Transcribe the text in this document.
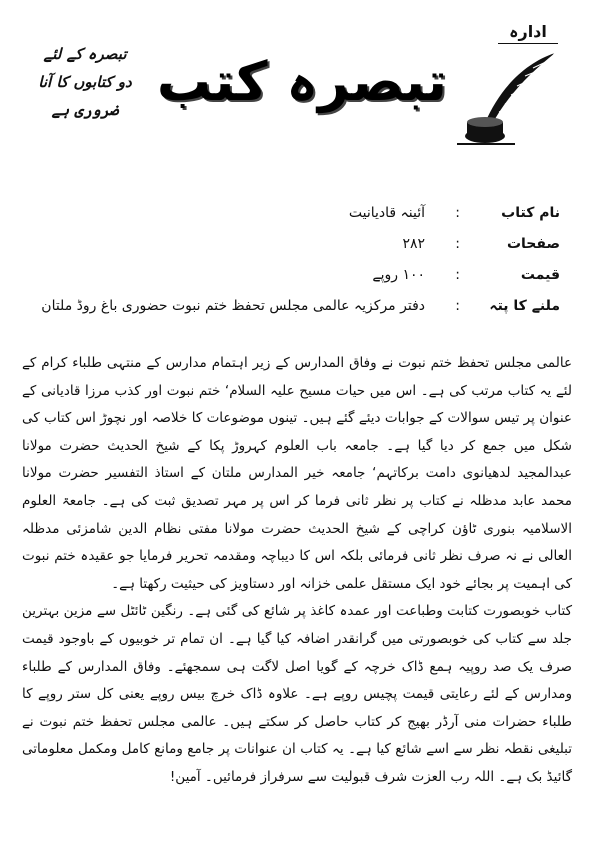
ادارہ
تبصرہ کے لئے
دو کتابوں کا آنا
ضروری ہے تبصرہ کتب
نام کتاب
:
آئینہ قادیانیت
صفحات
:
۲۸۲
قیمت
:
۱۰۰ روپے
ملنے کا پتہ
:
دفتر مرکزیہ عالمی مجلس تحفظ ختم نبوت حضوری باغ روڈ ملتان

عالمی مجلس تحفظ ختم نبوت نے وفاق المدارس کے زیر اہتمام مدارس کے منتہی طلباء کرام کے لئے یہ کتاب مرتب کی ہے۔ اس میں حیات مسیح علیہ السلام‘ ختم نبوت اور کذب مرزا قادیانی کے عنوان پر تیس سوالات کے جوابات دیئے گئے ہیں۔ تینوں موضوعات کا خلاصہ اور نچوڑ اس کتاب کی شکل میں جمع کر دیا گیا ہے۔ جامعہ باب العلوم کہروڑ پکا کے شیخ الحدیث حضرت مولانا عبدالمجید لدھیانوی دامت برکاتہم‘ جامعہ خیر المدارس ملتان کے استاذ التفسیر حضرت مولانا محمد عابد مدظلہ نے کتاب پر نظر ثانی فرما کر اس پر مہر تصدیق ثبت کی ہے۔ جامعۃ العلوم الاسلامیہ بنوری ٹاؤن کراچی کے شیخ الحدیث حضرت مولانا مفتی نظام الدین شامزئی مدظلہ العالی نے نہ صرف نظر ثانی فرمائی بلکہ اس کا دیباچہ ومقدمہ تحریر فرمایا جو عقیدہ ختم نبوت کی اہمیت پر بجائے خود ایک مستقل علمی خزانہ اور دستاویز کی حیثیت رکھتا ہے۔

کتاب خوبصورت کتابت وطباعت اور عمدہ کاغذ پر شائع کی گئی ہے۔ رنگین ٹائٹل سے مزین بہترین جلد سے کتاب کی خوبصورتی میں گرانقدر اضافہ کیا گیا ہے۔ ان تمام تر خوبیوں کے باوجود قیمت صرف یک صد روپیہ ہمع ڈاک خرچہ کے گویا اصل لاگت ہی سمجھئے۔ وفاق المدارس کے طلباء ومدارس کے لئے رعایتی قیمت پچیس روپے ہے۔ علاوہ ڈاک خرچ بیس روپے یعنی کل ستر روپے کا طلباء حضرات منی آرڈر بھیج کر کتاب حاصل کر سکتے ہیں۔ عالمی مجلس تحفظ ختم نبوت نے تبلیغی نقطہ نظر سے اسے شائع کیا ہے۔ یہ کتاب ان عنوانات پر جامع ومانع کامل ومکمل معلوماتی گائیڈ بک ہے۔ اللہ رب العزت شرف قبولیت سے سرفراز فرمائیں۔ آمین!
